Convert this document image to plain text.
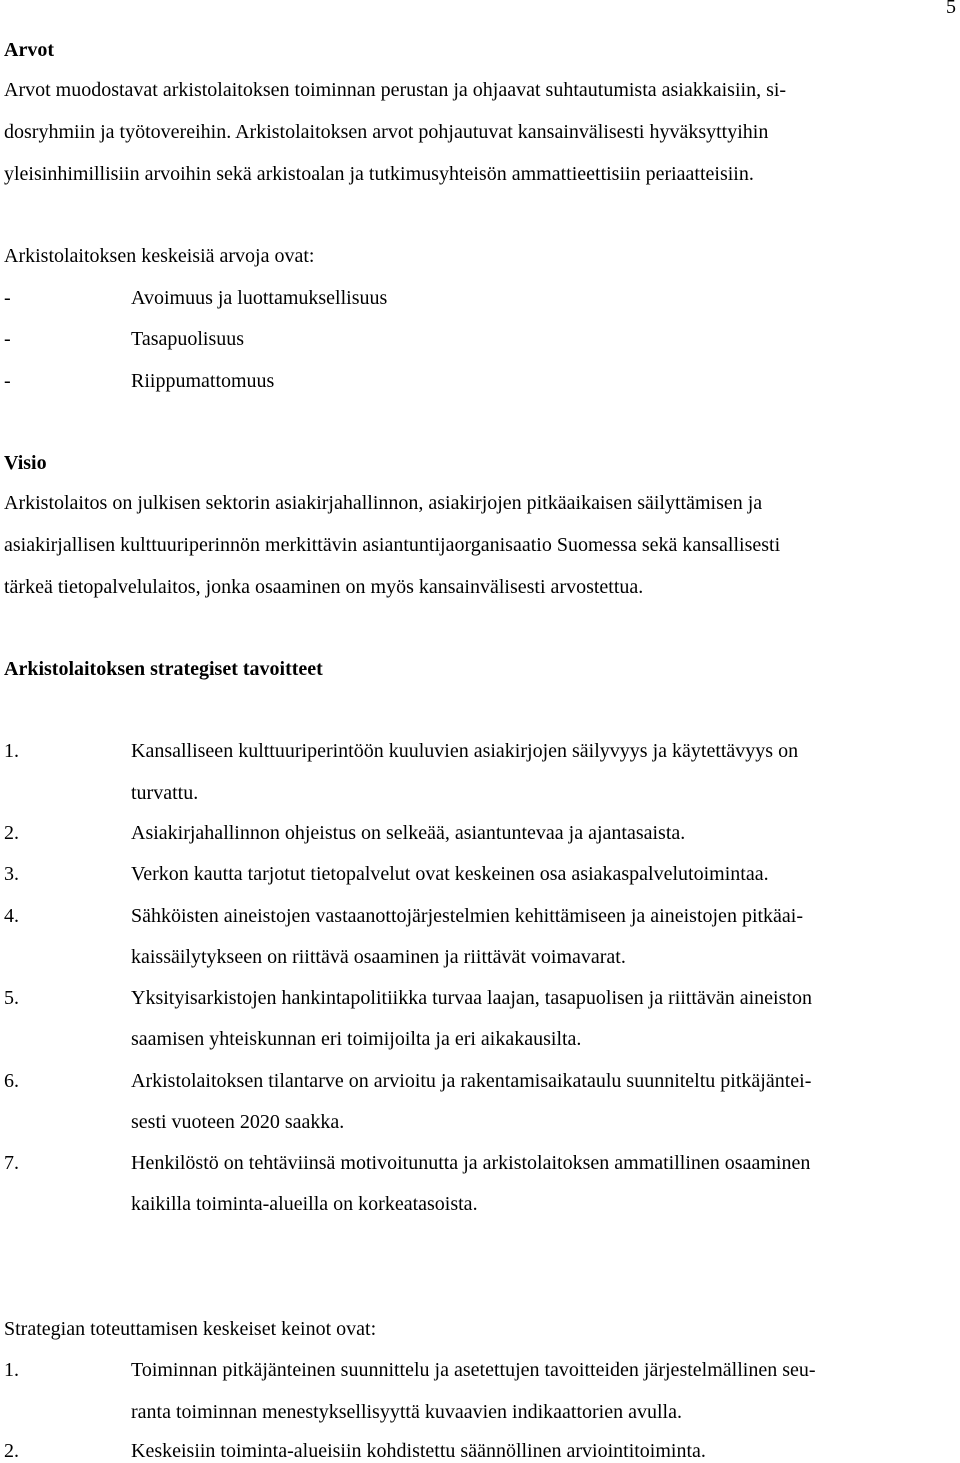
5
Arvot
Arvot muodostavat arkistolaitoksen toiminnan perustan ja ohjaavat suhtautumista asiakkaisiin, si-
dosryhmiin ja työtovereihin. Arkistolaitoksen arvot pohjautuvat kansainvälisesti hyväksyttyihin
yleisinhimillisiin arvoihin sekä arkistoalan ja tutkimusyhteisön ammattieettisiin periaatteisiin.
Arkistolaitoksen keskeisiä arvoja ovat:
-	Avoimuus ja luottamuksellisuus
-	Tasapuolisuus
-	Riippumattomuus
Visio
Arkistolaitos on julkisen sektorin asiakirjahallinnon, asiakirjojen pitkäaikaisen säilyttämisen ja
asiakirjallisen kulttuuriperinnön merkittävin asiantuntijaorganisaatio Suomessa sekä kansallisesti
tärkeä tietopalvelulaitos, jonka osaaminen on myös kansainvälisesti arvostettua.
Arkistolaitoksen strategiset tavoitteet
1.	Kansalliseen kulttuuriperintöön kuuluvien asiakirjojen säilyvyys ja käytettävyys on
turvattu.
2.	Asiakirjahallinnon ohjeistus on selkeää, asiantuntevaa ja ajantasaista.
3.	Verkon kautta tarjotut tietopalvelut ovat keskeinen osa asiakaspalvelutoimintaa.
4.	Sähköisten aineistojen vastaanottojärjestelmien kehittämiseen ja aineistojen pitkäai-
kaissäilytykseen on riittävä osaaminen ja riittävät voimavarat.
5.	Yksityisarkistojen hankintapolitiikka turvaa laajan, tasapuolisen ja riittävän aineiston
saamisen yhteiskunnan eri toimijoilta ja eri aikakausilta.
6.	Arkistolaitoksen tilantarve on arvioitu ja rakentamisaikataulu suunniteltu pitkäjäntei-
sesti vuoteen 2020 saakka.
7.	Henkilöstö on tehtäviinsä motivoitunutta ja arkistolaitoksen ammatillinen osaaminen
kaikilla toiminta-alueilla on korkeatasoista.
Strategian toteuttamisen keskeiset keinot ovat:
1.	Toiminnan pitkäjänteinen suunnittelu ja asetettujen tavoitteiden järjestelmällinen seu-
ranta toiminnan menestyksellisyyttä kuvaavien indikaattorien avulla.
2.	Keskeisiin toiminta-alueisiin kohdistettu säännöllinen arviointitoiminta.
